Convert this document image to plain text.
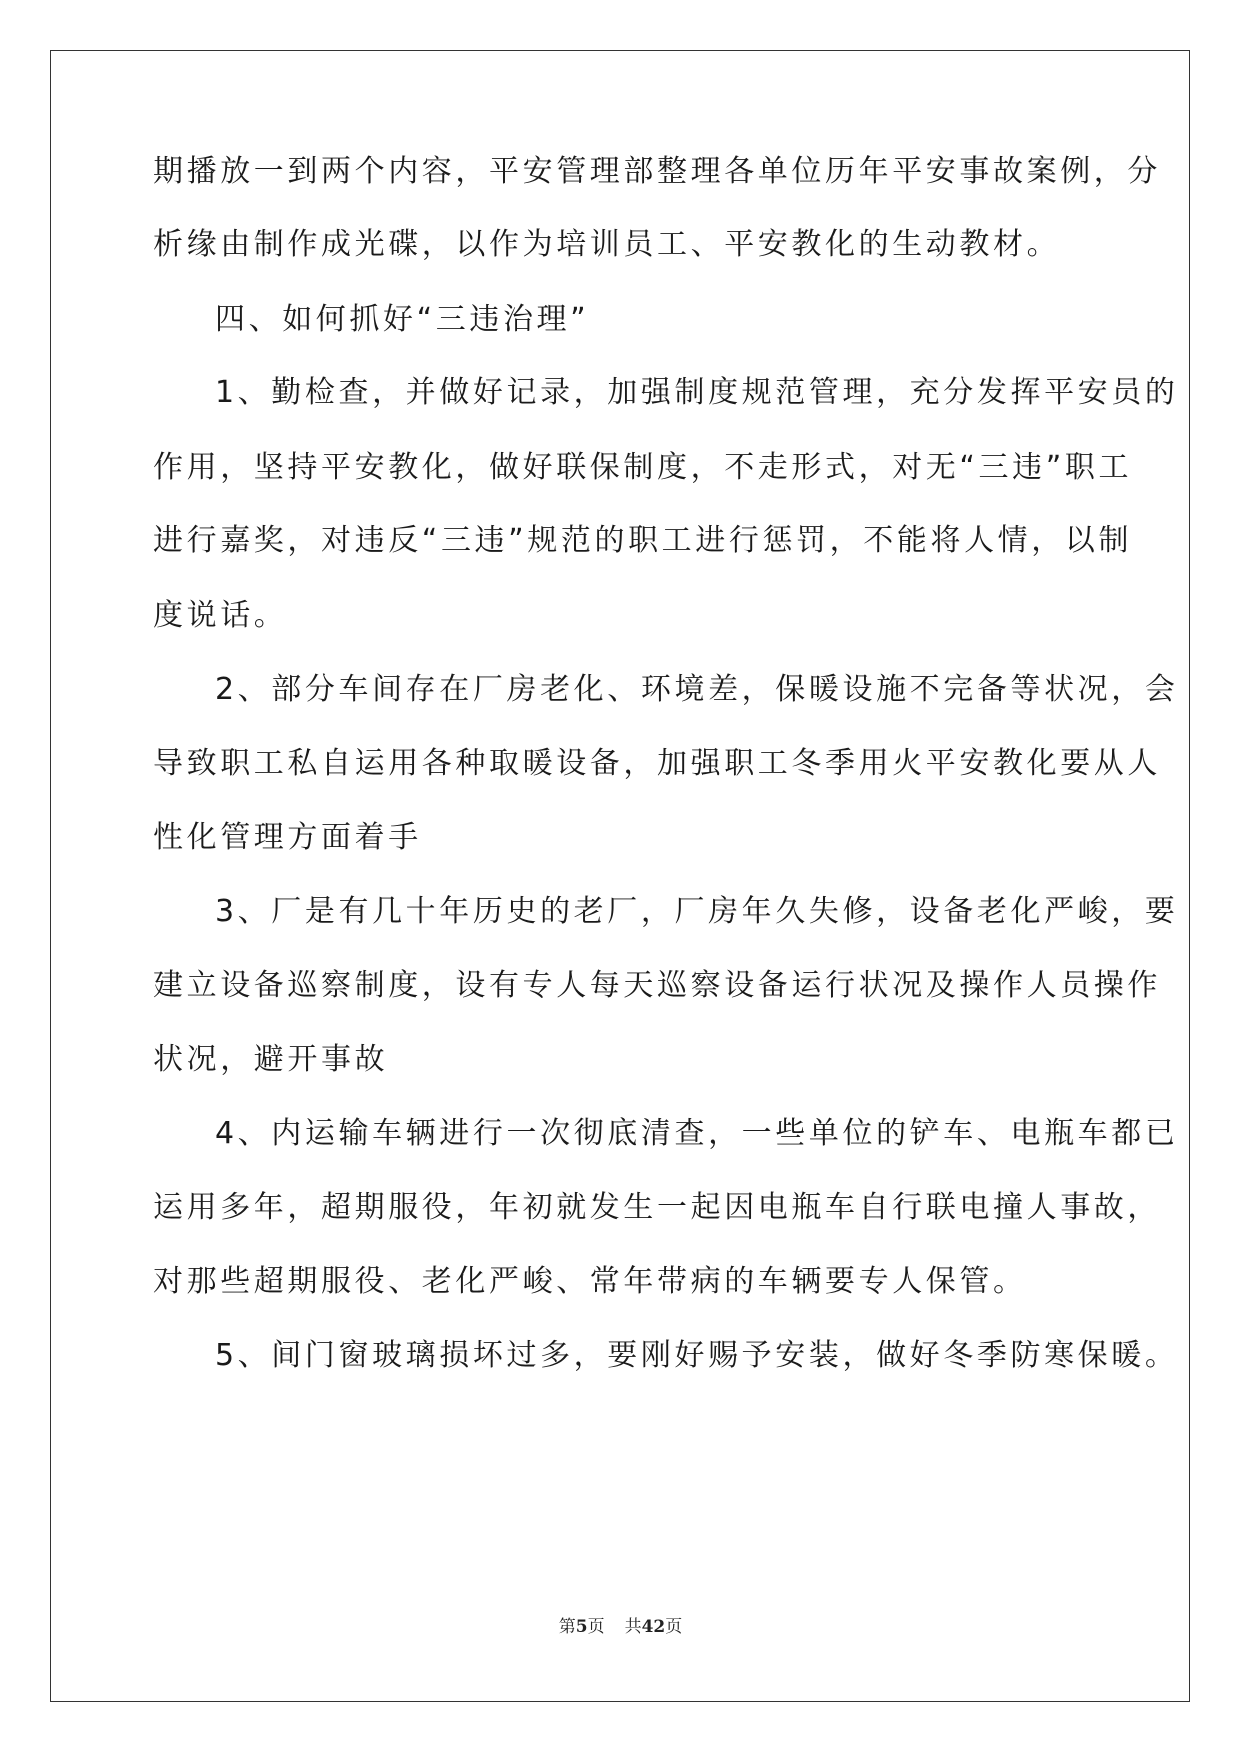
期播放一到两个内容，平安管理部整理各单位历年平安事故案例，分
析缘由制作成光碟，以作为培训员工、平安教化的生动教材。
四、如何抓好“三违治理”
1、勤检查，并做好记录，加强制度规范管理，充分发挥平安员的
作用，坚持平安教化，做好联保制度，不走形式，对无“三违”职工
进行嘉奖，对违反“三违”规范的职工进行惩罚，不能将人情，以制
度说话。
2、部分车间存在厂房老化、环境差，保暖设施不完备等状况，会
导致职工私自运用各种取暖设备，加强职工冬季用火平安教化要从人
性化管理方面着手
3、厂是有几十年历史的老厂，厂房年久失修，设备老化严峻，要
建立设备巡察制度，设有专人每天巡察设备运行状况及操作人员操作
状况，避开事故
4、内运输车辆进行一次彻底清查，一些单位的铲车、电瓶车都已
运用多年，超期服役，年初就发生一起因电瓶车自行联电撞人事故，
对那些超期服役、老化严峻、常年带病的车辆要专人保管。
5、间门窗玻璃损坏过多，要刚好赐予安装，做好冬季防寒保暖。
第5页 共42页
